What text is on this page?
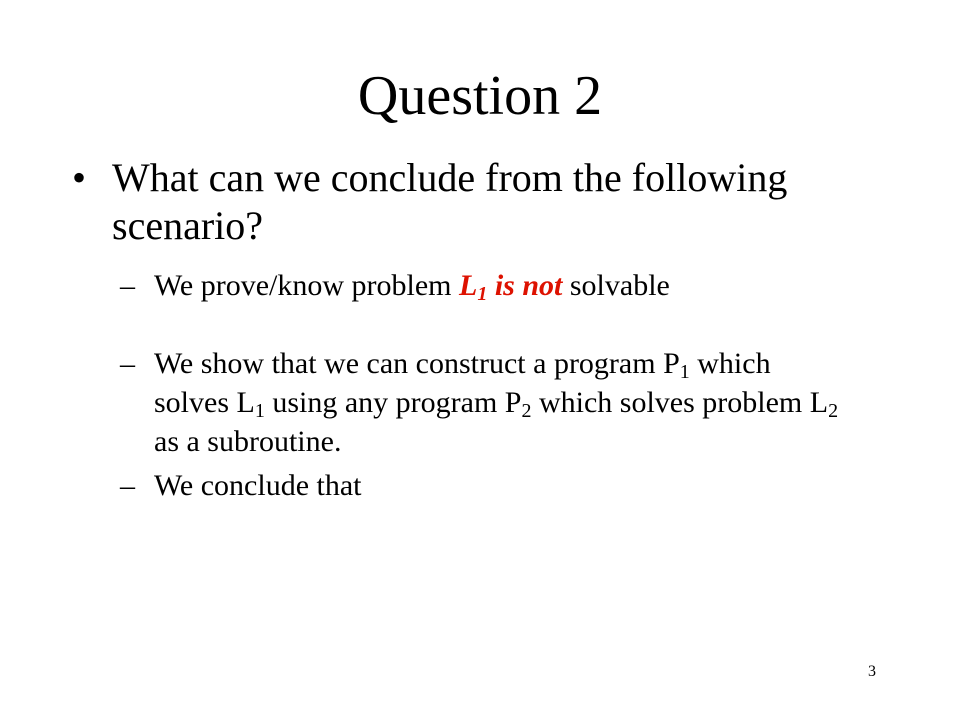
Question 2
• What can we conclude from the following scenario?
– We prove/know problem $L_1$ is not solvable
– We show that we can construct a program $P_1$ which solves $L_1$ using any program $P_2$ which solves problem $L_2$ as a subroutine.
– We conclude that
3
